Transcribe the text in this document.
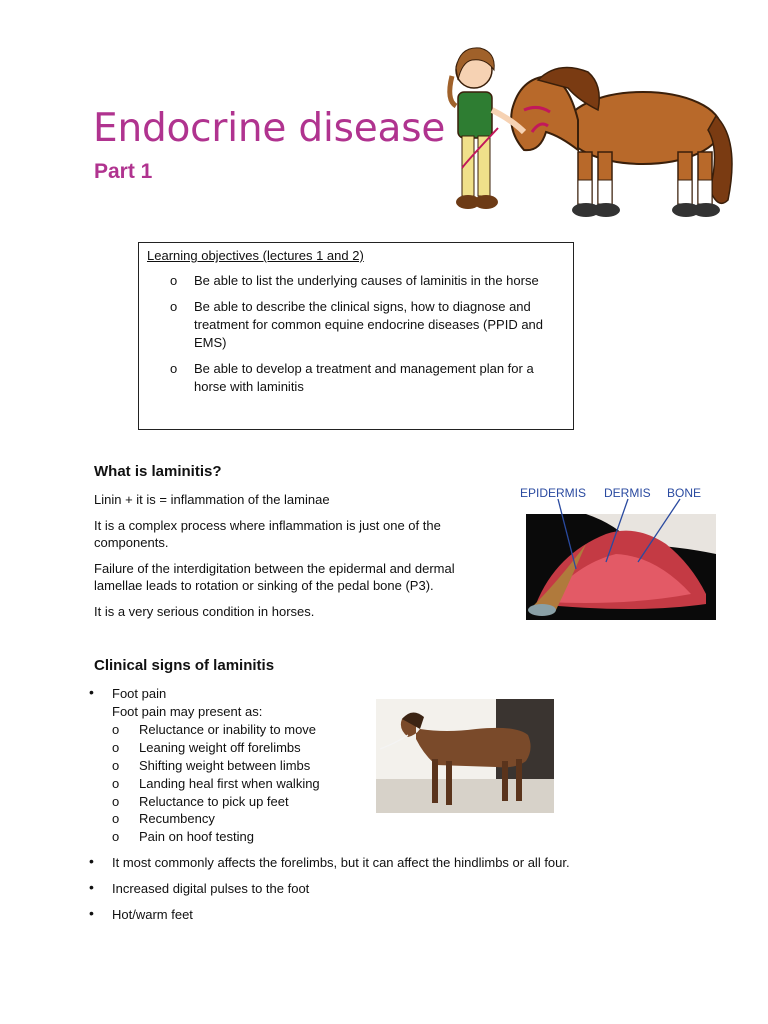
Endocrine disease
Part 1
Learning objectives (lectures 1 and 2)
o Be able to list the underlying causes of laminitis in the horse
o Be able to describe the clinical signs, how to diagnose and treatment for common equine endocrine diseases (PPID and EMS)
o Be able to develop a treatment and management plan for a horse with laminitis
What is laminitis?

Linin + it is = inflammation of the laminae

It is a complex process where inflammation is just one of the components.

Failure of the interdigitation between the epidermal and dermal lamellae leads to rotation or sinking of the pedal bone (P3).

It is a very serious condition in horses.

EPIDERMIS DERMIS BONE
Clinical signs of laminitis
• Foot pain
Foot pain may present as:
o Reluctance or inability to move
o Leaning weight off forelimbs
o Shifting weight between limbs
o Landing heal first when walking
o Reluctance to pick up feet
o Recumbency
o Pain on hoof testing
• It most commonly affects the forelimbs, but it can affect the hindlimbs or all four.
• Increased digital pulses to the foot
• Hot/warm feet
